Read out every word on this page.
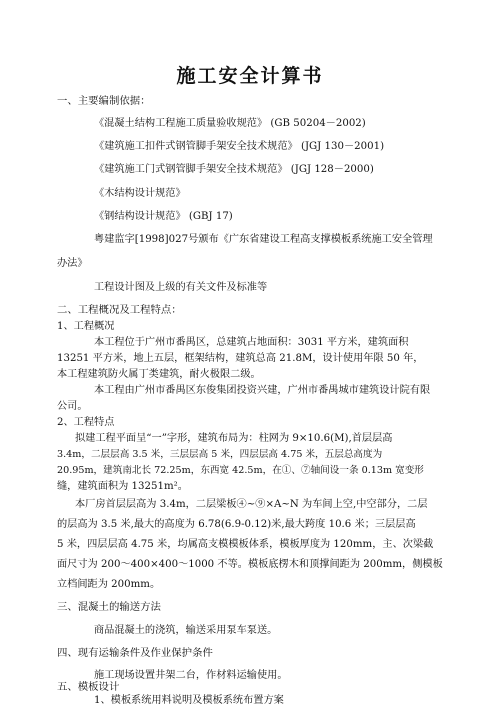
施工安全计算书
一、主要编制依据：
《混凝土结构工程施工质量验收规范》 (GB 50204－2002)
《建筑施工扣件式钢管脚手架安全技术规范》 (JGJ 130－2001)
《建筑施工门式钢管脚手架安全技术规范》 (JGJ 128－2000)
《木结构设计规范》
《钢结构设计规范》 (GBJ 17)
粤建监字[1998]027号颁布《广东省建设工程高支撑模板系统施工安全管理
办法》
工程设计图及上级的有关文件及标准等
二、工程概况及工程特点：
1、工程概况
本工程位于广州市番禺区，总建筑占地面积：3031 平方米，建筑面积
13251 平方米，地上五层，框架结构，建筑总高 21.8M，设计使用年限 50 年，
本工程建筑防火属丁类建筑，耐火极限二级。
本工程由广州市番禺区东俊集团投资兴建，广州市番禺城市建筑设计院有限
公司。
2、工程特点
拟建工程平面呈“一”字形，建筑布局为：柱网为 9×10.6(M),首层层高
3.4m，二层层高 3.5 米，三层层高 5 米，四层层高 4.75 米，五层总高度为
20.95m，建筑南北长 72.25m，东西宽 42.5m，在①、⑦轴间设一条 0.13m 宽变形
缝，建筑面积为 13251m²。
本厂房首层层高为 3.4m，二层梁板④~⑨×A~N 为车间上空,中空部分，二层
的层高为 3.5 米,最大的高度为 6.78(6.9-0.12)米,最大跨度 10.6 米；三层层高
5 米，四层层高 4.75 米，均属高支模模板体系，模板厚度为 120mm，主、次梁截
面尺寸为 200～400×400～1000 不等。模板底楞木和顶撑间距为 200mm，侧模板
立档间距为 200mm。
三、混凝土的输送方法
商品混凝土的浇筑，输送采用泵车泵送。
四、现有运输条件及作业保护条件
施工现场设置井架二台，作材料运输使用。
五、模板设计
1、模板系统用料说明及模板系统布置方案
